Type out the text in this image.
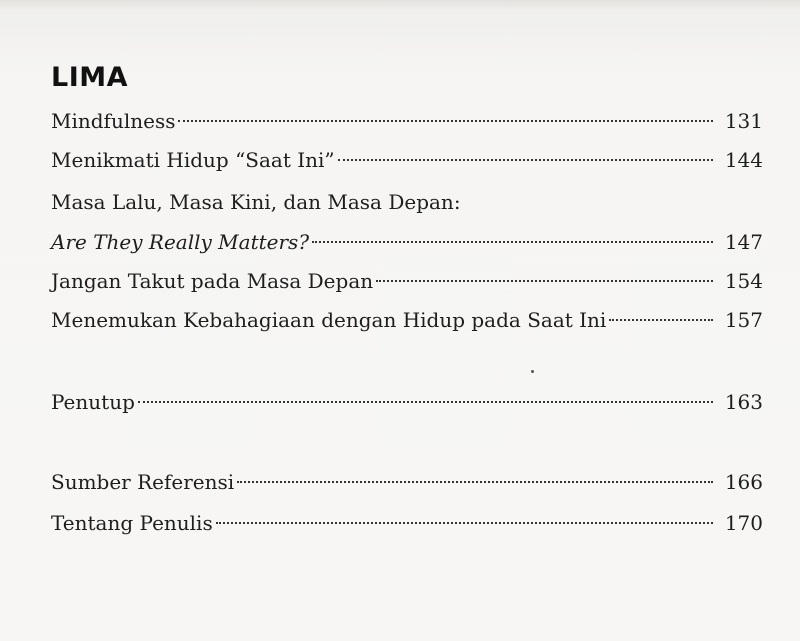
LIMA
Mindfulness	131
Menikmati Hidup “Saat Ini”	144
Masa Lalu, Masa Kini, dan Masa Depan:
Are They Really Matters?	147
Jangan Takut pada Masa Depan	154
Menemukan Kebahagiaan dengan Hidup pada Saat Ini	157
Penutup	163
Sumber Referensi	166
Tentang Penulis	170
